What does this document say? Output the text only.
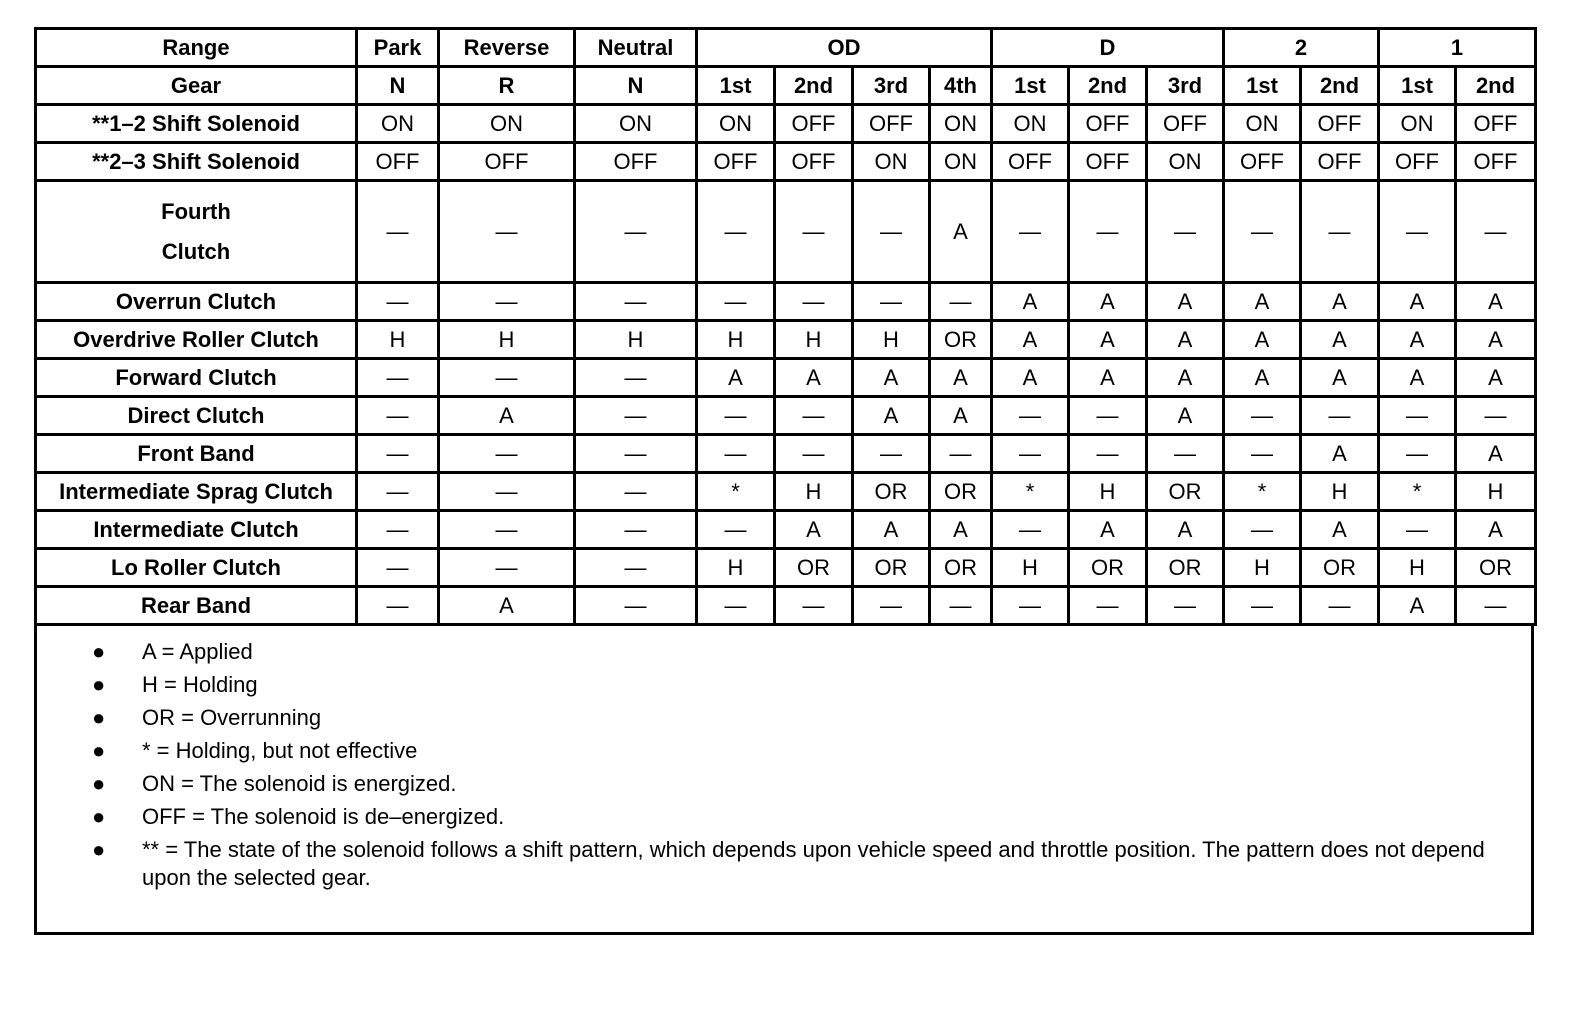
Range	Park	Reverse	Neutral	OD				D			2		1	
Gear	N	R	N	1st	2nd	3rd	4th	1st	2nd	3rd	1st	2nd	1st	2nd
**1–2 Shift Solenoid	ON	ON	ON	ON	OFF	OFF	ON	ON	OFF	OFF	ON	OFF	ON	OFF
**2–3 Shift Solenoid	OFF	OFF	OFF	OFF	OFF	ON	ON	OFF	OFF	ON	OFF	OFF	OFF	OFF

Fourth
Clutch	—	—	—	—	—	—	A	—	—	—	—	—	—	—
Overrun Clutch	—	—	—	—	—	—	—	A	A	A	A	A	A	A
Overdrive Roller Clutch	H	H	H	H	H	H	OR	A	A	A	A	A	A	A
Forward Clutch	—	—	—	A	A	A	A	A	A	A	A	A	A	A
Direct Clutch	—	A	—	—	—	A	A	—	—	A	—	—	—	—
Front Band	—	—	—	—	—	—	—	—	—	—	—	A	—	A
Intermediate Sprag Clutch	—	—	—	*	H	OR	OR	*	H	OR	*	H	*	H
Intermediate Clutch	—	—	—	—	A	A	A	—	A	A	—	A	—	A
Lo Roller Clutch	—	—	—	H	OR	OR	OR	H	OR	OR	H	OR	H	OR
Rear Band	—	A	—	—	—	—	—	—	—	—	—	—	A	—
● A = Applied
● H = Holding
● OR = Overrunning
● * = Holding, but not effective
● ON = The solenoid is energized.
● OFF = The solenoid is de–energized.
● ** = The state of the solenoid follows a shift pattern, which depends upon vehicle speed and throttle position. The pattern does not depend upon the selected gear.
